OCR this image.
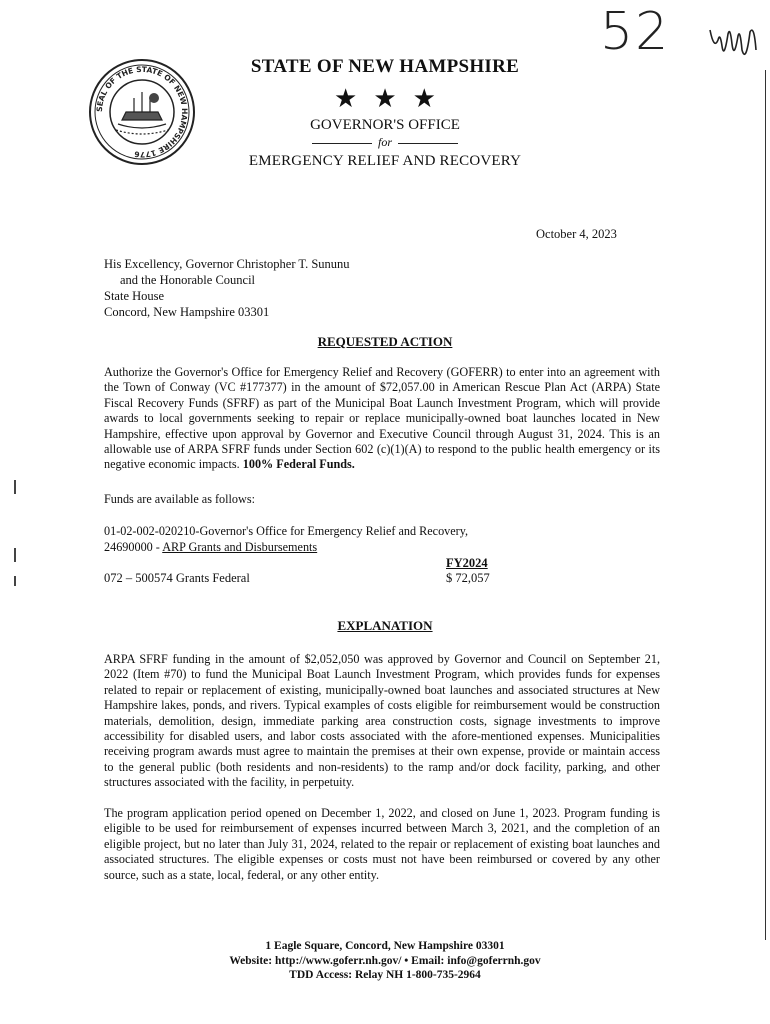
SEAL OF THE STATE OF NEW HAMPSHIRE 1776
52
STATE OF NEW HAMPSHIRE
★★★
GOVERNOR'S OFFICE
for
EMERGENCY RELIEF AND RECOVERY
October 4, 2023
His Excellency, Governor Christopher T. Sununu
and the Honorable Council
State House
Concord, New Hampshire 03301
REQUESTED ACTION
Authorize the Governor's Office for Emergency Relief and Recovery (GOFERR) to enter into an agreement with the Town of Conway (VC #177377) in the amount of $72,057.00 in American Rescue Plan Act (ARPA) State Fiscal Recovery Funds (SFRF) as part of the Municipal Boat Launch Investment Program, which will provide awards to local governments seeking to repair or replace municipally-owned boat launches located in New Hampshire, effective upon approval by Governor and Executive Council through August 31, 2024. This is an allowable use of ARPA SFRF funds under Section 602 (c)(1)(A) to respond to the public health emergency or its negative economic impacts. 100% Federal Funds.
Funds are available as follows:
01-02-002-020210-Governor's Office for Emergency Relief and Recovery,
24690000 - ARP Grants and Disbursements
FY2024
072 – 500574 Grants Federal	$ 72,057
EXPLANATION
ARPA SFRF funding in the amount of $2,052,050 was approved by Governor and Council on September 21, 2022 (Item #70) to fund the Municipal Boat Launch Investment Program, which provides funds for expenses related to repair or replacement of existing, municipally-owned boat launches and associated structures at New Hampshire lakes, ponds, and rivers. Typical examples of costs eligible for reimbursement would be construction materials, demolition, design, immediate parking area construction costs, signage investments to improve accessibility for disabled users, and labor costs associated with the afore-mentioned expenses. Municipalities receiving program awards must agree to maintain the premises at their own expense, provide or maintain access to the general public (both residents and non-residents) to the ramp and/or dock facility, parking, and other structures associated with the facility, in perpetuity.
The program application period opened on December 1, 2022, and closed on June 1, 2023. Program funding is eligible to be used for reimbursement of expenses incurred between March 3, 2021, and the completion of an eligible project, but no later than July 31, 2024, related to the repair or replacement of existing boat launches and associated structures. The eligible expenses or costs must not have been reimbursed or covered by any other source, such as a state, local, federal, or any other entity.
1 Eagle Square, Concord, New Hampshire 03301
Website: http://www.goferr.nh.gov/ • Email: info@goferrnh.gov
TDD Access: Relay NH 1-800-735-2964
